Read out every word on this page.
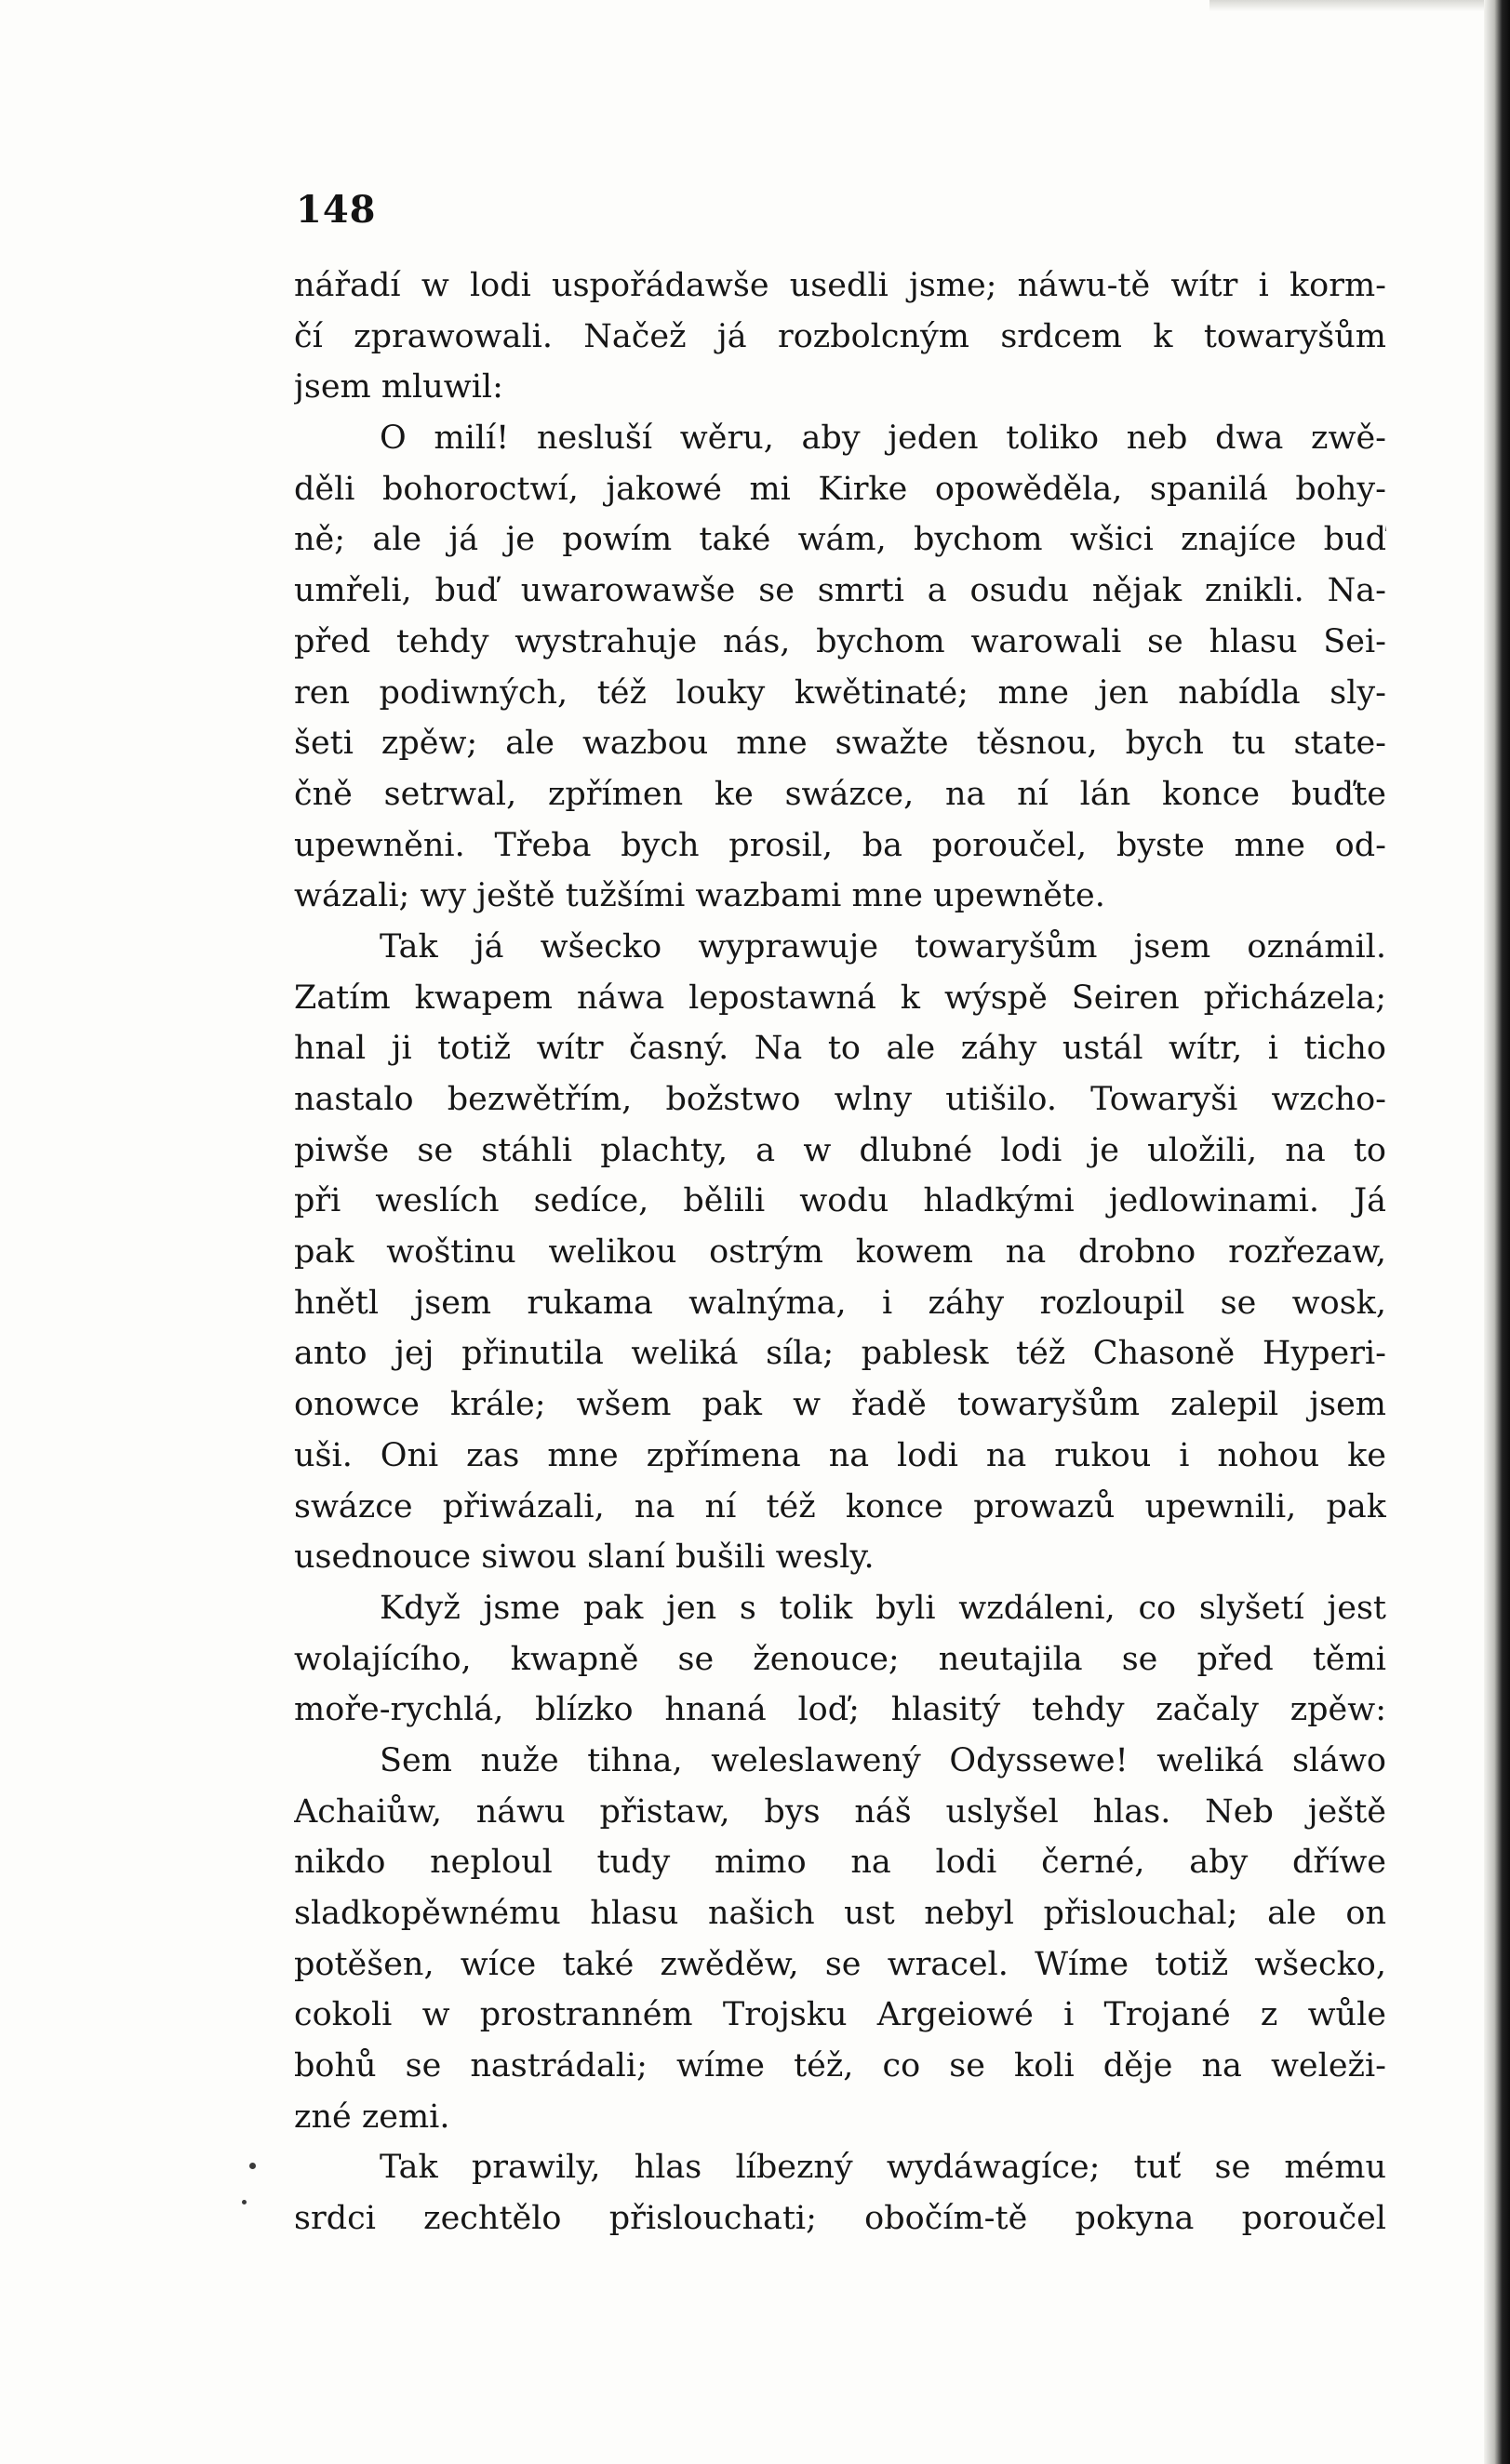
148
nářadí w lodi uspořádawše usedli jsme; náwu-tě wítr i korm-
čí zprawowali. Načež já rozbolcným srdcem k towaryšům
jsem mluwil:
O milí! nesluší wěru, aby jeden toliko neb dwa zwě-
děli bohoroctwí, jakowé mi Kirke opowěděla, spanilá bohy-
ně; ale já je powím také wám, bychom wšici znajíce buď
umřeli, buď uwarowawše se smrti a osudu nějak znikli. Na-
před tehdy wystrahuje nás, bychom warowali se hlasu Sei-
ren podiwných, též louky kwětinaté; mne jen nabídla sly-
šeti zpěw; ale wazbou mne swažte těsnou, bych tu state-
čně setrwal, zpřímen ke swázce, na ní lán konce buďte
upewněni. Třeba bych prosil, ba poroučel, byste mne od-
wázali; wy ještě tužšími wazbami mne upewněte.
Tak já wšecko wyprawuje towaryšům jsem oznámil.
Zatím kwapem náwa lepostawná k wýspě Seiren přicházela;
hnal ji totiž wítr časný. Na to ale záhy ustál wítr, i ticho
nastalo bezwětřím, božstwo wlny utišilo. Towaryši wzcho-
piwše se stáhli plachty, a w dlubné lodi je uložili, na to
při weslích sedíce, bělili wodu hladkými jedlowinami. Já
pak woštinu welikou ostrým kowem na drobno rozřezaw,
hnětl jsem rukama walnýma, i záhy rozloupil se wosk,
anto jej přinutila weliká síla; pablesk též Chasoně Hyperi-
onowce krále; wšem pak w řadě towaryšům zalepil jsem
uši. Oni zas mne zpřímena na lodi na rukou i nohou ke
swázce přiwázali, na ní též konce prowazů upewnili, pak
usednouce siwou slaní bušili wesly.
Když jsme pak jen s tolik byli wzdáleni, co slyšetí jest
wolajícího, kwapně se ženouce; neutajila se před těmi
moře-rychlá, blízko hnaná loď; hlasitý tehdy začaly zpěw:
Sem nuže tihna, weleslawený Odyssewe! weliká sláwo
Achaiůw, náwu přistaw, bys náš uslyšel hlas. Neb ještě
nikdo neploul tudy mimo na lodi černé, aby dříwe
sladkopěwnému hlasu našich ust nebyl přislouchal; ale on
potěšen, wíce také zwěděw, se wracel. Wíme totiž wšecko,
cokoli w prostranném Trojsku Argeiowé i Trojané z wůle
bohů se nastrádali; wíme též, co se koli děje na weleži-
zné zemi.
Tak prawily, hlas líbezný wydáwagíce; tuť se mému
srdci zechtělo přislouchati; obočím-tě pokyna poroučel
